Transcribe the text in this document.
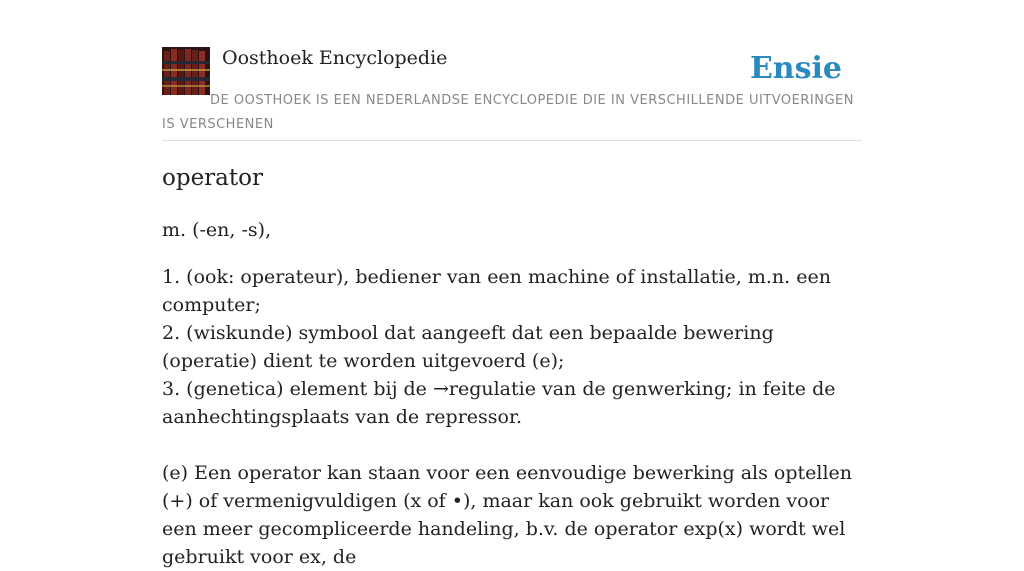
Oosthoek Encyclopedie	Ensie
DE OOSTHOEK IS EEN NEDERLANDSE ENCYCLOPEDIE DIE IN VERSCHILLENDE UITVOERINGEN IS VERSCHENEN
operator

m. (-en, -s),

1. (ook: operateur), bediener van een machine of installatie, m.n. een computer;

2. (wiskunde) symbool dat aangeeft dat een bepaalde bewering (operatie) dient te worden uitgevoerd (e);

3. (genetica) element bij de →regulatie van de genwerking; in feite de aanhechtingsplaats van de repressor.

(e) Een operator kan staan voor een eenvoudige bewerking als optellen (+) of vermenigvuldigen (x of •), maar kan ook gebruikt worden voor een meer gecompliceerde handeling, b.v. de operator exp(x) wordt wel gebruikt voor ex, de
